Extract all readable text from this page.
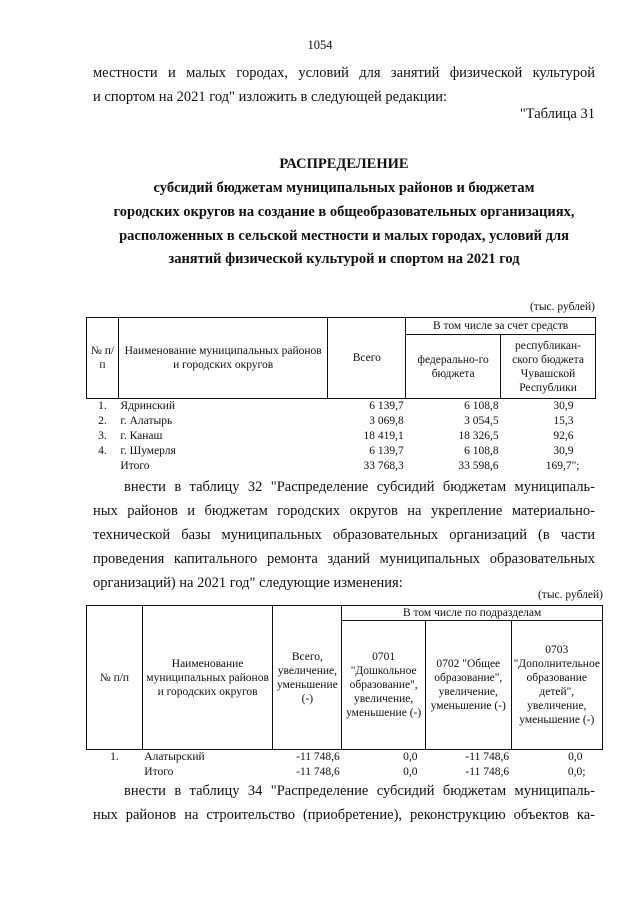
1054
местности и малых городах, условий для занятий физической культурой
и спортом на 2021 год" изложить в следующей редакции:
"Таблица 31
РАСПРЕДЕЛЕНИЕ
субсидий бюджетам муниципальных районов и бюджетам
городских округов на создание в общеобразовательных организациях,
расположенных в сельской местности и малых городах, условий для
занятий физической культурой и спортом на 2021 год
(тыс. рублей)
№ п/п	Наименование муниципальных районов и городских округов	Всего	В том числе за счет средств	
			федерально-го бюджета	республикан-ского бюджета Чувашской Республики
1.	Ядринский	6 139,7	6 108,8	30,9
2.	г. Алатырь	3 069,8	3 054,5	15,3
3.	г. Канаш	18 419,1	18 326,5	92,6
4.	г. Шумерля	6 139,7	6 108,8	30,9
	Итого	33 768,3	33 598,6	169,7";
внести в таблицу 32 "Распределение субсидий бюджетам муниципаль-
ных районов и бюджетам городских округов на укрепление материально-
технической базы муниципальных образовательных организаций (в части
проведения капитального ремонта зданий муниципальных образовательных
организаций) на 2021 год" следующие изменения:
(тыс. рублей)
№ п/п	Наименование муниципальных районов и городских округов	Всего, увеличение, уменьшение (-)	В том числе по подразделам		
			0701 "Дошкольное образование", увеличение, уменьшение (-)	0702 "Общее образование", увеличение, уменьшение (-)	0703 "Дополнительное образование детей", увеличение, уменьшение (-)
1.	Алатырский	-11 748,6	0,0	-11 748,6	0,0
	Итого	-11 748,6	0,0	-11 748,6	0,0;
внести в таблицу 34 "Распределение субсидий бюджетам муниципаль-
ных районов на строительство (приобретение), реконструкцию объектов ка-
